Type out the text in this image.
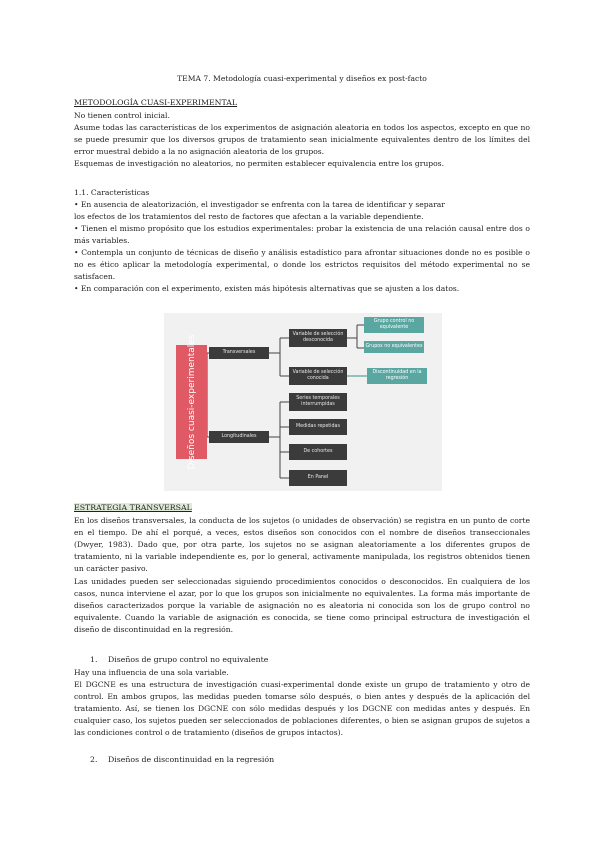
TEMA 7. Metodología cuasi-experimental y diseños ex post-facto
METODOLOGÍA CUASI-EXPERIMENTAL
No tienen control inicial.
Asume todas las características de los experimentos de asignación aleatoria en todos los aspectos, excepto en que no se puede presumir que los diversos grupos de tratamiento sean inicialmente equivalentes dentro de los límites del error muestral debido a la no asignación aleatoria de los grupos.
Esquemas de investigación no aleatorios, no permiten establecer equivalencia entre los grupos.
1.1. Características
• En ausencia de aleatorización, el investigador se enfrenta con la tarea de identificar y separar
los efectos de los tratamientos del resto de factores que afectan a la variable dependiente.
• Tienen el mismo propósito que los estudios experimentales: probar la existencia de una relación causal entre dos o más variables.
• Contempla un conjunto de técnicas de diseño y análisis estadístico para afrontar situaciones donde no es posible o no es ético aplicar la metodología experimental, o donde los estrictos requisitos del método experimental no se satisfacen.
• En comparación con el experimento, existen más hipótesis alternativas que se ajusten a los datos.
Diseños cuasi-experimentales	Transversales
Longitudinales
Variable de selección desconocida
Variable de selección conocida
Grupo control no equivalente
Grupos no equivalentes
Discontinuidad en la regresión
Series temporales interrumpidas
Medidas repetidas
De cohortes
En Panel
ESTRATEGIA TRANSVERSAL
En los diseños transversales, la conducta de los sujetos (o unidades de observación) se registra en un punto de corte en el tiempo. De ahí el porqué, a veces, estos diseños son conocidos con el nombre de diseños transeccionales (Dwyer, 1983). Dado que, por otra parte, los sujetos no se asignan aleatoriamente a los diferentes grupos de tratamiento, ni la variable independiente es, por lo general, activamente manipulada, los registros obtenidos tienen un carácter pasivo.
Las unidades pueden ser seleccionadas siguiendo procedimientos conocidos o desconocidos. En cualquiera de los casos, nunca interviene el azar, por lo que los grupos son inicialmente no equivalentes. La forma más importante de diseños caracterizados porque la variable de asignación no es aleatoria ni conocida son los de grupo control no equivalente. Cuando la variable de asignación es conocida, se tiene como principal estructura de investigación el diseño de discontinuidad en la regresión.
1. Diseños de grupo control no equivalente
Hay una influencia de una sola variable.
El DGCNE es una estructura de investigación cuasi-experimental donde existe un grupo de tratamiento y otro de control. En ambos grupos, las medidas pueden tomarse sólo después, o bien antes y después de la aplicación del tratamiento. Así, se tienen los DGCNE con sólo medidas después y los DGCNE con medidas antes y después. En cualquier caso, los sujetos pueden ser seleccionados de poblaciones diferentes, o bien se asignan grupos de sujetos a las condiciones control o de tratamiento (diseños de grupos intactos).
2. Diseños de discontinuidad en la regresión
